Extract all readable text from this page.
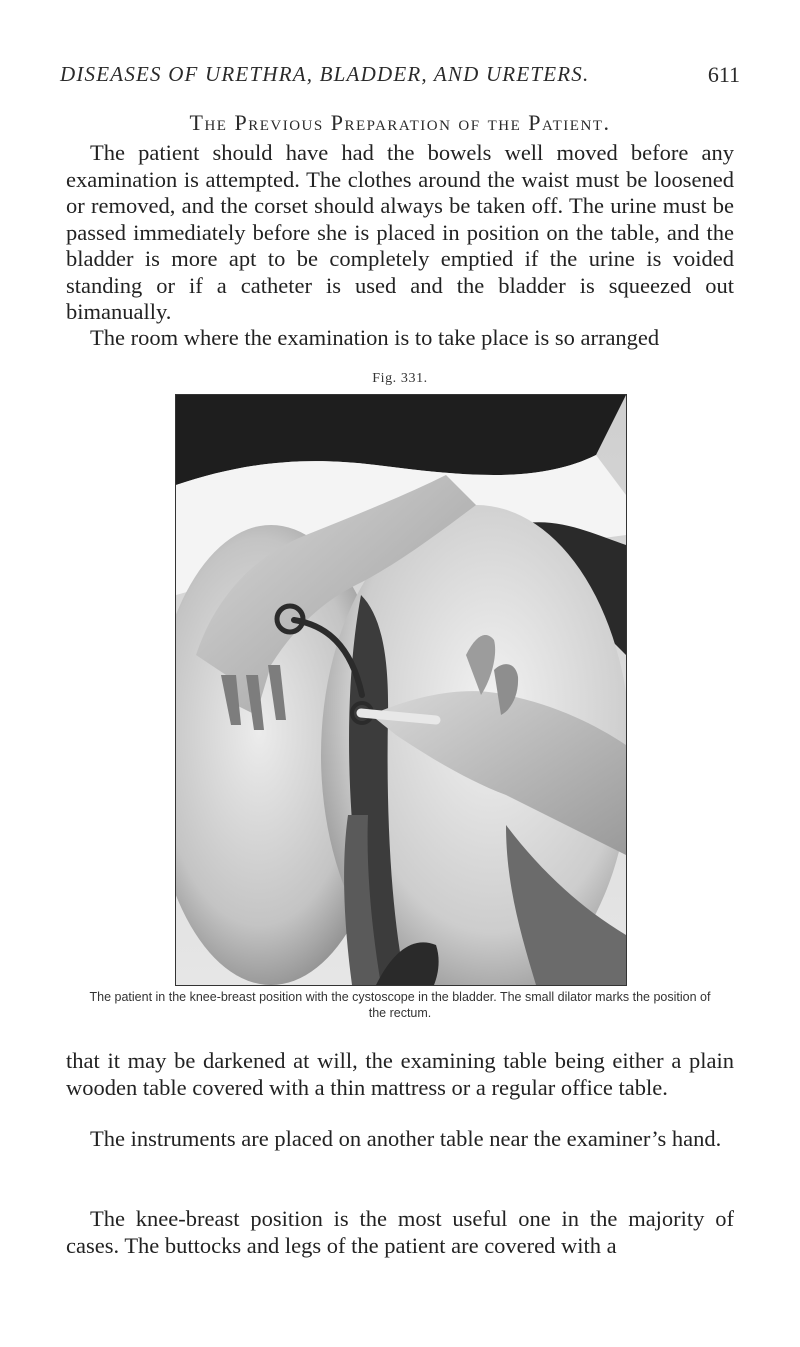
DISEASES OF URETHRA, BLADDER, AND URETERS.	611
The Previous Preparation of the Patient.

The patient should have had the bowels well moved before any examination is attempted. The clothes around the waist must be loosened or removed, and the corset should always be taken off. The urine must be passed immediately before she is placed in position on the table, and the bladder is more apt to be completely emptied if the urine is voided standing or if a catheter is used and the bladder is squeezed out bimanually.

The room where the examination is to take place is so arranged

Fig. 331.

The patient in the knee-breast position with the cystoscope in the bladder. The small dilator marks the position of the rectum.

that it may be darkened at will, the examining table being either a plain wooden table covered with a thin mattress or a regular office table.

The instruments are placed on another table near the examiner’s hand.

The knee-breast position is the most useful one in the majority of cases. The buttocks and legs of the patient are covered with a
